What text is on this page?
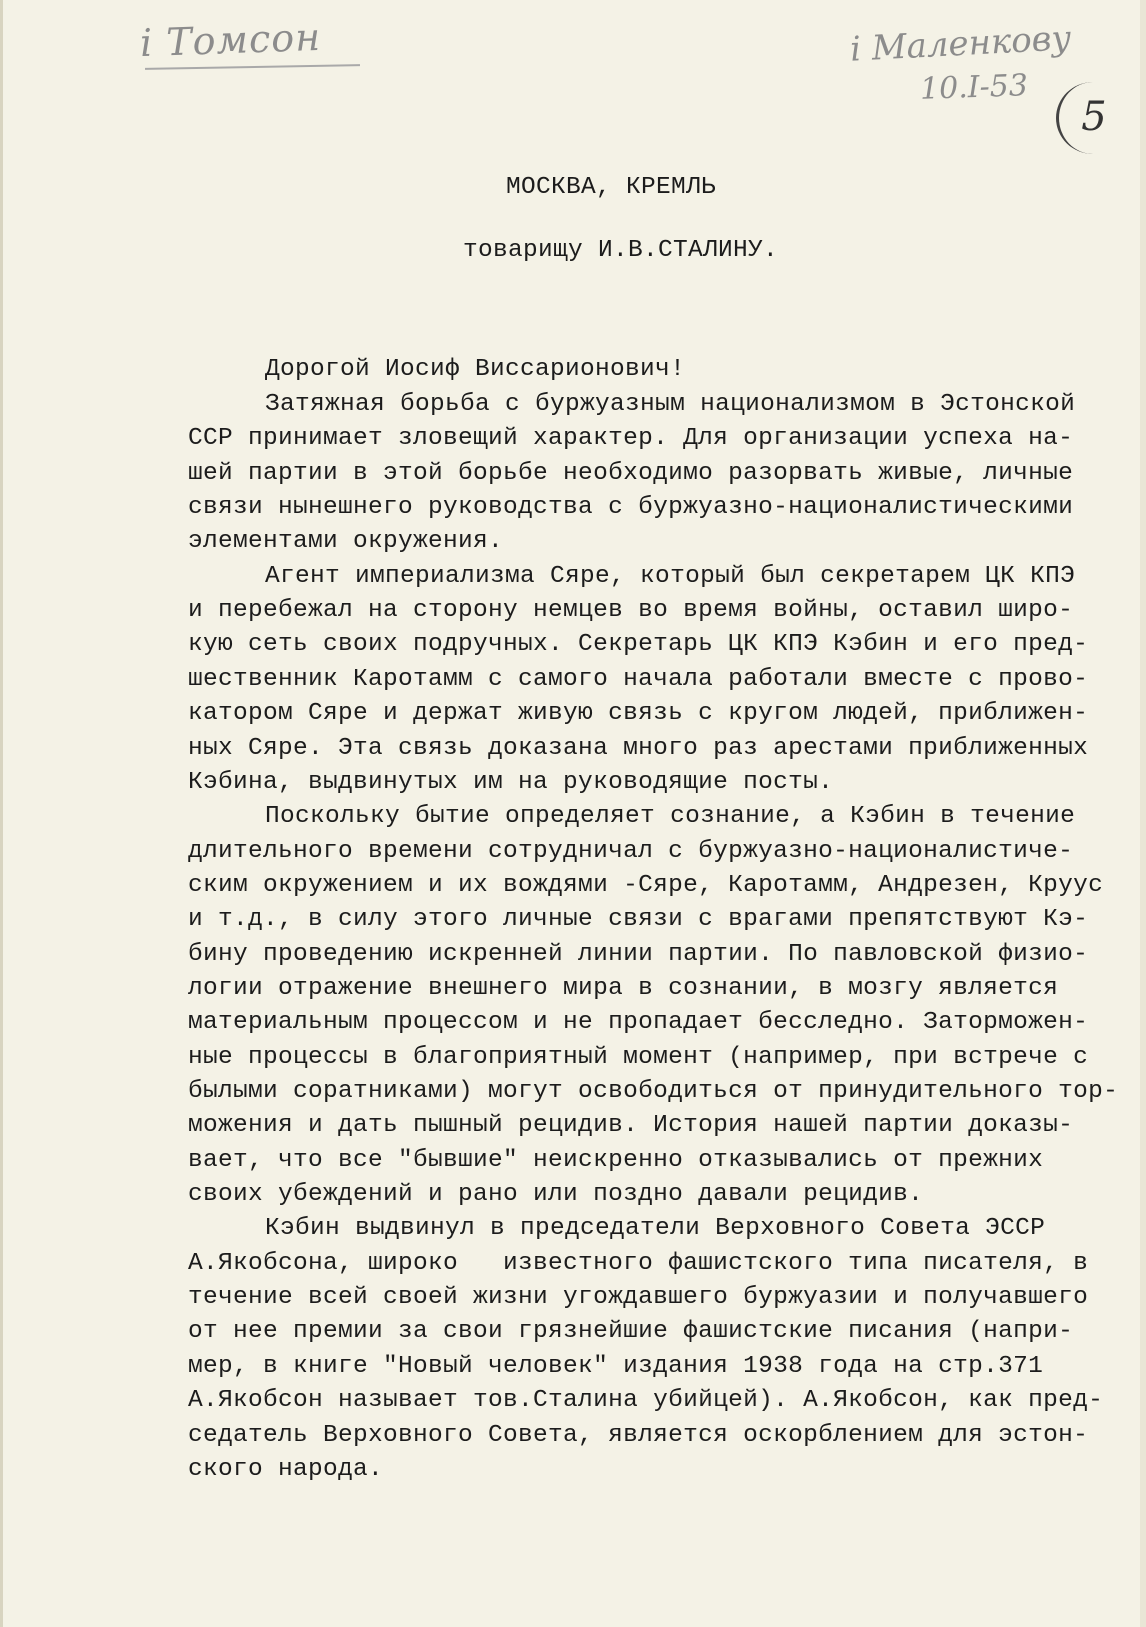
i Томсон	i Маленкову
10.I-53
5
МОСКВА, КРЕМЛЬ
товарищу И.В.СТАЛИНУ.
Дорогой Иосиф Виссарионович!
Затяжная борьба с буржуазным национализмом в Эстонской
ССР принимает зловещий характер. Для организации успеха на-
шей партии в этой борьбе необходимо разорвать живые, личные
связи нынешнего руководства с буржуазно-националистическими
элементами окружения.
Агент империализма Сяре, который был секретарем ЦК КПЭ
и перебежал на сторону немцев во время войны, оставил широ-
кую сеть своих подручных. Секретарь ЦК КПЭ Кэбин и его пред-
шественник Каротамм с самого начала работали вместе с прово-
катором Сяре и держат живую связь с кругом людей, приближен-
ных Сяре. Эта связь доказана много раз арестами приближенных
Кэбина, выдвинутых им на руководящие посты.
Поскольку бытие определяет сознание, а Кэбин в течение
длительного времени сотрудничал с буржуазно-националистиче-
ским окружением и их вождями -Сяре, Каротамм, Андрезен, Круус
и т.д., в силу этого личные связи с врагами препятствуют Кэ-
бину проведению искренней линии партии. По павловской физио-
логии отражение внешнего мира в сознании, в мозгу является
материальным процессом и не пропадает бесследно. Заторможен-
ные процессы в благоприятный момент (например, при встрече с
былыми соратниками) могут освободиться от принудительного тор-
можения и дать пышный рецидив. История нашей партии доказы-
вает, что все "бывшие" неискренно отказывались от прежних
своих убеждений и рано или поздно давали рецидив.
Кэбин выдвинул в председатели Верховного Совета ЭССР
А.Якобсона, широко   известного фашистского типа писателя, в
течение всей своей жизни угождавшего буржуазии и получавшего
от нее премии за свои грязнейшие фашистские писания (напри-
мер, в книге "Новый человек" издания 1938 года на стр.371
А.Якобсон называет тов.Сталина убийцей). А.Якобсон, как пред-
седатель Верховного Совета, является оскорблением для эстон-
ского народа.
